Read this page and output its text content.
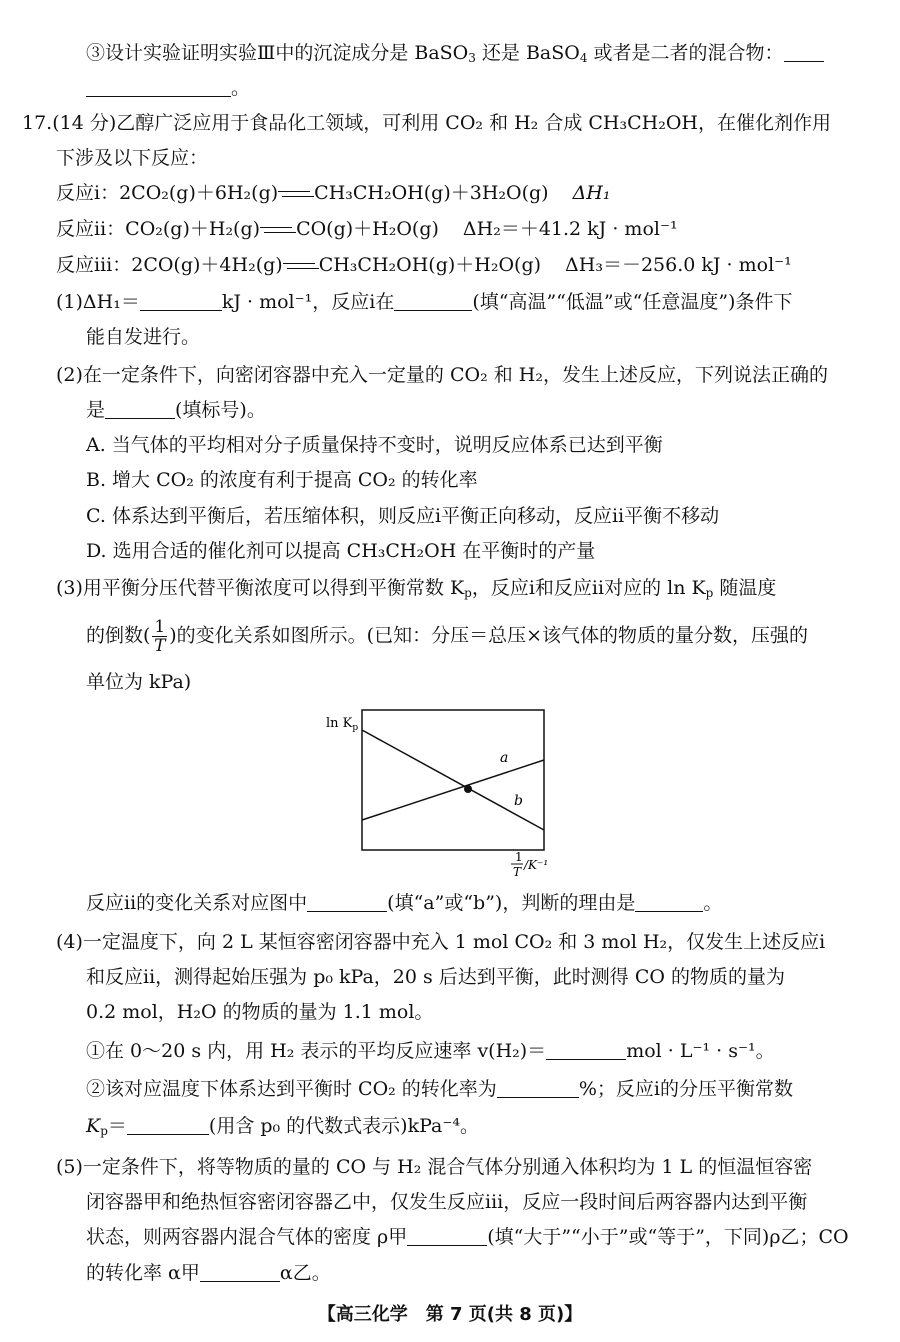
③设计实验证明实验Ⅲ中的沉淀成分是 BaSO$_3$ 还是 BaSO$_4$ 或者是二者的混合物：
。
17.(14 分)乙醇广泛应用于食品化工领域，可利用 CO₂ 和 H₂ 合成 CH₃CH₂OH，在催化剂作用
下涉及以下反应：
反应ⅰ：2CO₂(g)＋6H₂(g) CH₃CH₂OH(g)＋3H₂O(g) ΔH₁
反应ⅱ：CO₂(g)＋H₂(g) CO(g)＋H₂O(g) ΔH₂＝＋41.2 kJ · mol⁻¹
反应ⅲ：2CO(g)＋4H₂(g) CH₃CH₂OH(g)＋H₂O(g) ΔH₃＝－256.0 kJ · mol⁻¹
(1)ΔH₁＝	kJ · mol⁻¹，反应ⅰ在	(填“高温”“低温”或“任意温度”)条件下
能自发进行。
(2)在一定条件下，向密闭容器中充入一定量的 CO₂ 和 H₂，发生上述反应，下列说法正确的
是	(填标号)。
A. 当气体的平均相对分子质量保持不变时，说明反应体系已达到平衡
B. 增大 CO₂ 的浓度有利于提高 CO₂ 的转化率
C. 体系达到平衡后，若压缩体积，则反应ⅰ平衡正向移动，反应ⅱ平衡不移动
D. 选用合适的催化剂可以提高 CH₃CH₂OH 在平衡时的产量
(3)用平衡分压代替平衡浓度可以得到平衡常数 $K_p$，反应ⅰ和反应ⅱ对应的 $\ln K_p$ 随温度
的倒数( $\frac{1}{T}$ )的变化关系如图所示。(已知：分压＝总压×该气体的物质的量分数，压强的
单位为 kPa)
$\ln K_p$
a
b
1
T /K⁻¹
反应ⅱ的变化关系对应图中	(填“a”或“b”)，判断的理由是	。
(4)一定温度下，向 2 L 某恒容密闭容器中充入 1 mol CO₂ 和 3 mol H₂，仅发生上述反应ⅰ
和反应ⅱ，测得起始压强为 p₀ kPa，20 s 后达到平衡，此时测得 CO 的物质的量为
0.2 mol，H₂O 的物质的量为 1.1 mol。
①在 0～20 s 内，用 H₂ 表示的平均反应速率 v(H₂)＝	mol · L⁻¹ · s⁻¹。
②该对应温度下体系达到平衡时 CO₂ 的转化率为	%；反应ⅰ的分压平衡常数
$K_p=$	(用含 p₀ 的代数式表示)kPa⁻⁴。
(5)一定条件下，将等物质的量的 CO 与 H₂ 混合气体分别通入体积均为 1 L 的恒温恒容密
闭容器甲和绝热恒容密闭容器乙中，仅发生反应ⅲ，反应一段时间后两容器内达到平衡
状态，则两容器内混合气体的密度 ρ甲	(填“大于”“小于”或“等于”，下同)ρ乙；CO
的转化率 α甲	α乙。
【高三化学　第 7 页(共 8 页)】
